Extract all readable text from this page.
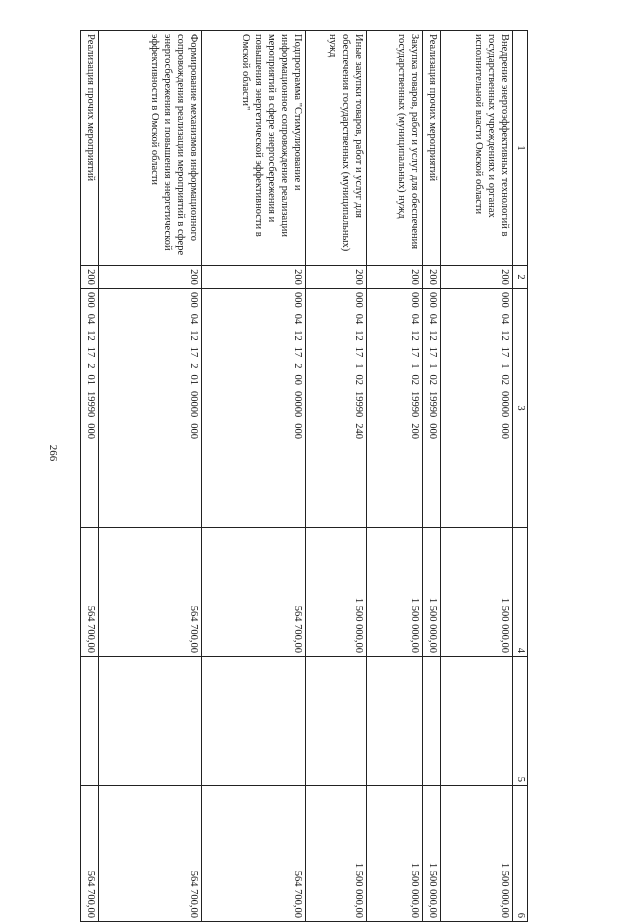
266
1	2	3	4	5	6
Внедрение энергоэффективных технологий в государственных учреждениях и органах исполнительной власти Омской области	200	00004121710200000000	1 500 000,00		1 500 000,00
Реализация прочих мероприятий	200	00004121710219990000	1 500 000,00		1 500 000,00
Закупка товаров, работ и услуг для обеспечения государственных (муниципальных) нужд	200	00004121710219990200	1 500 000,00		1 500 000,00
Иные закупки товаров, работ и услуг для обеспечения государственных (муниципальных) нужд	200	00004121710219990240	1 500 000,00		1 500 000,00
Подпрограмма "Стимулирование и информационное сопровождение реализации мероприятий в сфере энергосбережения и повышения энергетической эффективности в Омской области"	200	00004121720000000000	564 700,00		564 700,00
Формирование механизмов информационного сопровождения реализации мероприятий в сфере энергосбережения и повышения энергетической эффективности в Омской области	200	00004121720100000000	564 700,00		564 700,00
Реализация прочих мероприятий	200	00004121720119990000	564 700,00		564 700,00
